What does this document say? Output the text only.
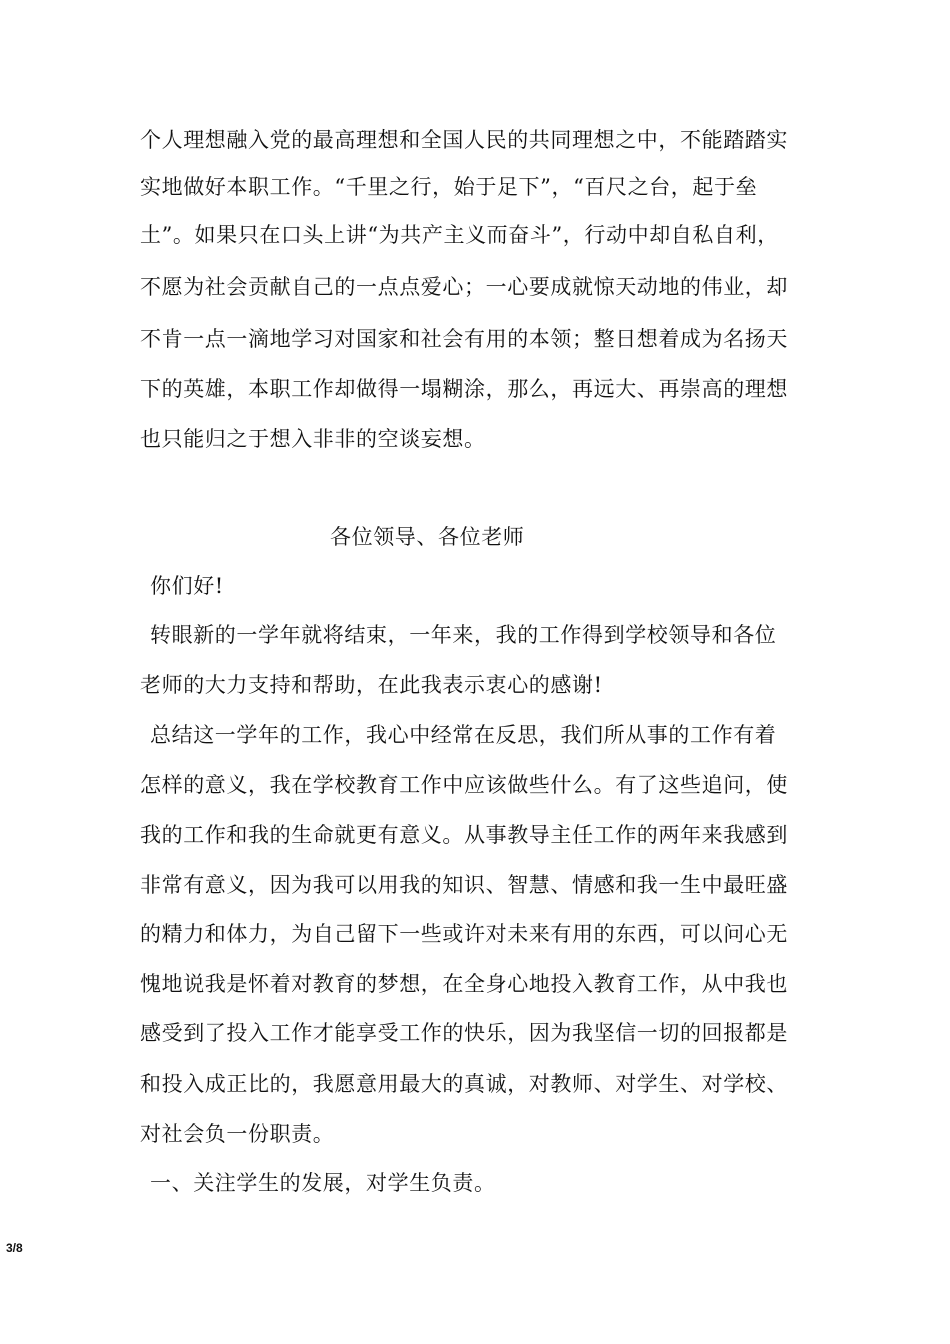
个人理想融入党的最高理想和全国人民的共同理想之中，不能踏踏实
实地做好本职工作。“千里之行，始于足下”，“百尺之台，起于垒
土”。如果只在口头上讲“为共产主义而奋斗”，行动中却自私自利，
不愿为社会贡献自己的一点点爱心；一心要成就惊天动地的伟业，却
不肯一点一滴地学习对国家和社会有用的本领；整日想着成为名扬天
下的英雄，本职工作却做得一塌糊涂，那么，再远大、再崇高的理想
也只能归之于想入非非的空谈妄想。
各位领导、各位老师
你们好!
转眼新的一学年就将结束，一年来，我的工作得到学校领导和各位
老师的大力支持和帮助，在此我表示衷心的感谢!
总结这一学年的工作，我心中经常在反思，我们所从事的工作有着
怎样的意义，我在学校教育工作中应该做些什么。有了这些追问，使
我的工作和我的生命就更有意义。从事教导主任工作的两年来我感到
非常有意义，因为我可以用我的知识、智慧、情感和我一生中最旺盛
的精力和体力，为自己留下一些或许对未来有用的东西，可以问心无
愧地说我是怀着对教育的梦想，在全身心地投入教育工作，从中我也
感受到了投入工作才能享受工作的快乐，因为我坚信一切的回报都是
和投入成正比的，我愿意用最大的真诚，对教师、对学生、对学校、
对社会负一份职责。
一、关注学生的发展，对学生负责。
3/8
